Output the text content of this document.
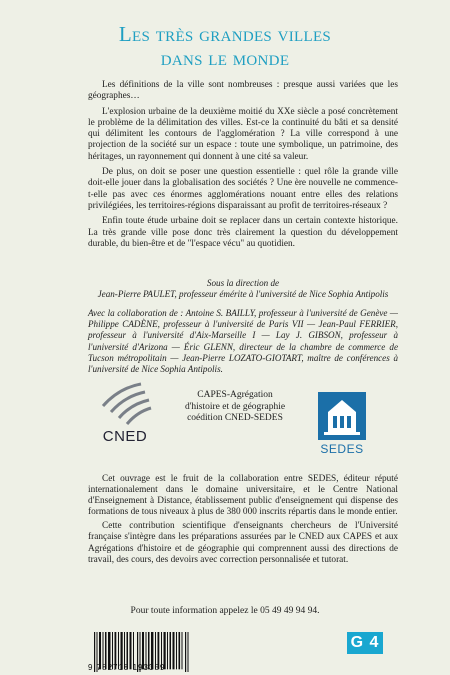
Les très grandes villes
dans le monde

Les définitions de la ville sont nombreuses : presque aussi variées que les géographes…

L'explosion urbaine de la deuxième moitié du XXe siècle a posé concrètement le problème de la délimitation des villes. Est-ce la continuité du bâti et sa densité qui délimitent les contours de l'agglomération ? La ville correspond à une projection de la société sur un espace : toute une symbolique, un patrimoine, des héritages, un rayonnement qui donnent à une cité sa valeur.

De plus, on doit se poser une question essentielle : quel rôle la grande ville doit-elle jouer dans la globalisation des sociétés ? Une ère nouvelle ne commence-t-elle pas avec ces énormes agglomérations nouant entre elles des relations privilégiées, les territoires-régions disparaissant au profit de territoires-réseaux ?

Enfin toute étude urbaine doit se replacer dans un certain contexte historique. La très grande ville pose donc très clairement la question du développement durable, du bien-être et de "l'espace vécu" au quotidien.

Sous la direction de
Jean-Pierre PAULET, professeur émérite à l'université de Nice Sophia Antipolis
Avec la collaboration de : Antoine S. BAILLY, professeur à l'université de Genève — Philippe CADÈNE, professeur à l'université de Paris VII — Jean-Paul FERRIER, professeur à l'université d'Aix-Marseille I — Lay J. GIBSON, professeur à l'université d'Arizona — Éric GLENN, directeur de la chambre de commerce de Tucson métropolitain — Jean-Pierre LOZATO-GIOTART, maître de conférences à l'université de Nice Sophia Antipolis.
CNED
CAPES-Agrégation
d'histoire et de géographie
coédition CNED-SEDES
SEDES

Cet ouvrage est le fruit de la collaboration entre SEDES, éditeur réputé internationalement dans le domaine universitaire, et le Centre National d'Enseignement à Distance, établissement public d'enseignement qui dispense des formations de tous niveaux à plus de 380 000 inscrits répartis dans le monde entier.

Cette contribution scientifique d'enseignants chercheurs de l'Université française s'intègre dans les préparations assurées par le CNED aux CAPES et aux Agrégations d'histoire et de géographie qui comprennent aussi des directions de travail, des cours, des devoirs avec correction personnalisée et tutorat.

Pour toute information appelez le 05 49 49 94 94.
9 782718 193359
G 4
